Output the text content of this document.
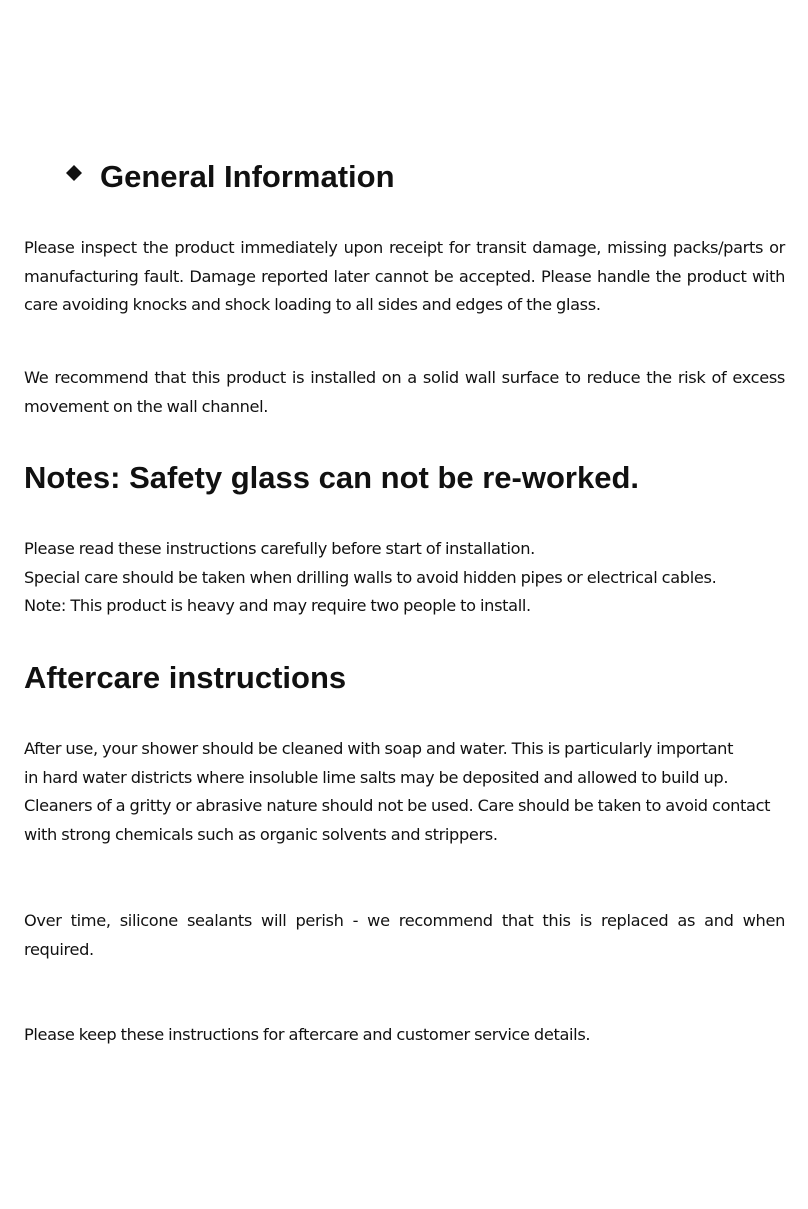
General Information

Please inspect the product immediately upon receipt for transit damage, missing packs/parts or manufacturing fault. Damage reported later cannot be accepted. Please handle the product with care avoiding knocks and shock loading to all sides and edges of the glass.

We recommend that this product is installed on a solid wall surface to reduce the risk of excess movement on the wall channel.

Notes: Safety glass can not be re-worked.
Please read these instructions carefully before start of installation.
Special care should be taken when drilling walls to avoid hidden pipes or electrical cables.
Note: This product is heavy and may require two people to install.
Aftercare instructions
After use, your shower should be cleaned with soap and water. This is particularly important
in hard water districts where insoluble lime salts may be deposited and allowed to build up.
Cleaners of a gritty or abrasive nature should not be used. Care should be taken to avoid contact
with strong chemicals such as organic solvents and strippers.

Over time, silicone sealants will perish - we recommend that this is replaced as and when required.

Please keep these instructions for aftercare and customer service details.
